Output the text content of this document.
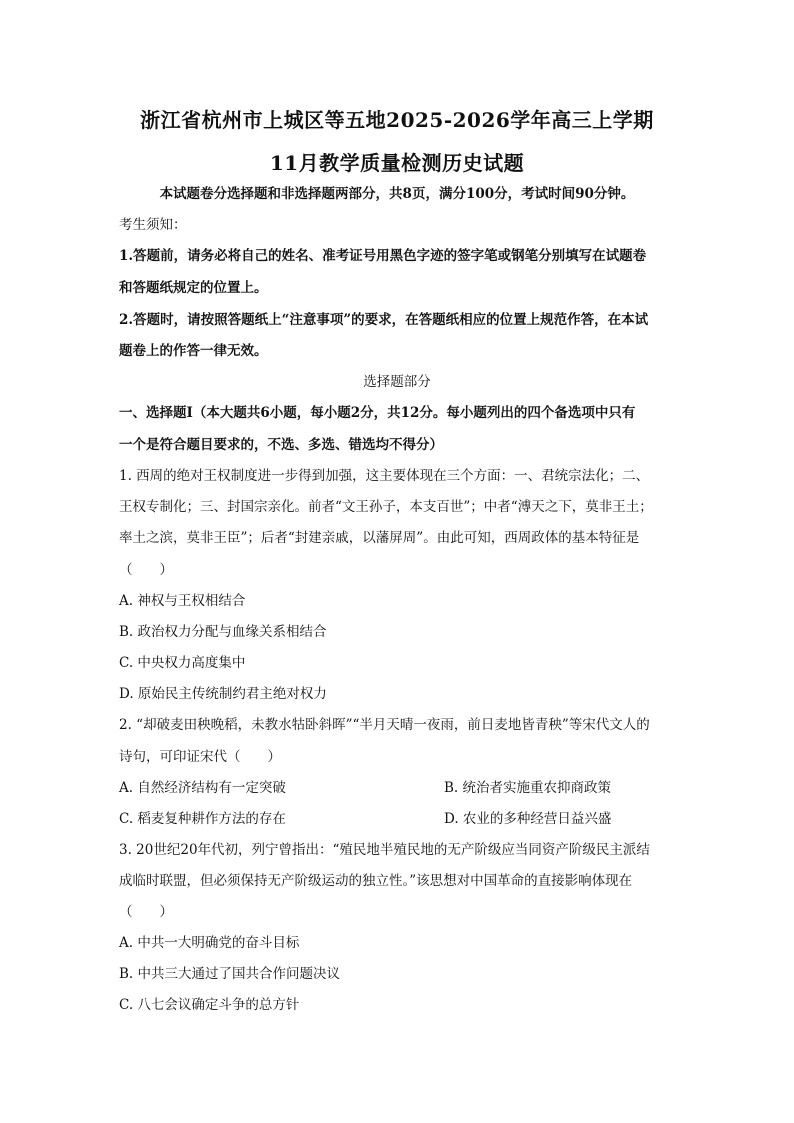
浙江省杭州市上城区等五地2025-2026学年高三上学期
11月教学质量检测历史试题
本试题卷分选择题和非选择题两部分，共8页，满分100分，考试时间90分钟。
考生须知：
1.答题前，请务必将自己的姓名、准考证号用黑色字迹的签字笔或钢笔分别填写在试题卷
和答题纸规定的位置上。
2.答题时，请按照答题纸上“注意事项”的要求，在答题纸相应的位置上规范作答，在本试
题卷上的作答一律无效。
选择题部分
一、选择题Ⅰ（本大题共6小题，每小题2分，共12分。每小题列出的四个备选项中只有
一个是符合题目要求的，不选、多选、错选均不得分）
1. 西周的绝对王权制度进一步得到加强，这主要体现在三个方面：一、君统宗法化；二、
王权专制化；三、封国宗亲化。前者“文王孙子，本支百世”；中者“溥天之下，莫非王土；
率土之滨，莫非王臣”；后者“封建亲戚，以藩屏周”。由此可知，西周政体的基本特征是
（　　）
A. 神权与王权相结合
B. 政治权力分配与血缘关系相结合
C. 中央权力高度集中
D. 原始民主传统制约君主绝对权力
2. “却破麦田秧晚稻，未教水牯卧斜晖”“半月天晴一夜雨，前日麦地皆青秧”等宋代文人的
诗句，可印证宋代（　　）
A. 自然经济结构有一定突破	B. 统治者实施重农抑商政策
C. 稻麦复种耕作方法的存在	D. 农业的多种经营日益兴盛
3. 20世纪20年代初，列宁曾指出：“殖民地半殖民地的无产阶级应当同资产阶级民主派结
成临时联盟，但必须保持无产阶级运动的独立性。”该思想对中国革命的直接影响体现在
（　　）
A. 中共一大明确党的奋斗目标
B. 中共三大通过了国共合作问题决议
C. 八七会议确定斗争的总方针
